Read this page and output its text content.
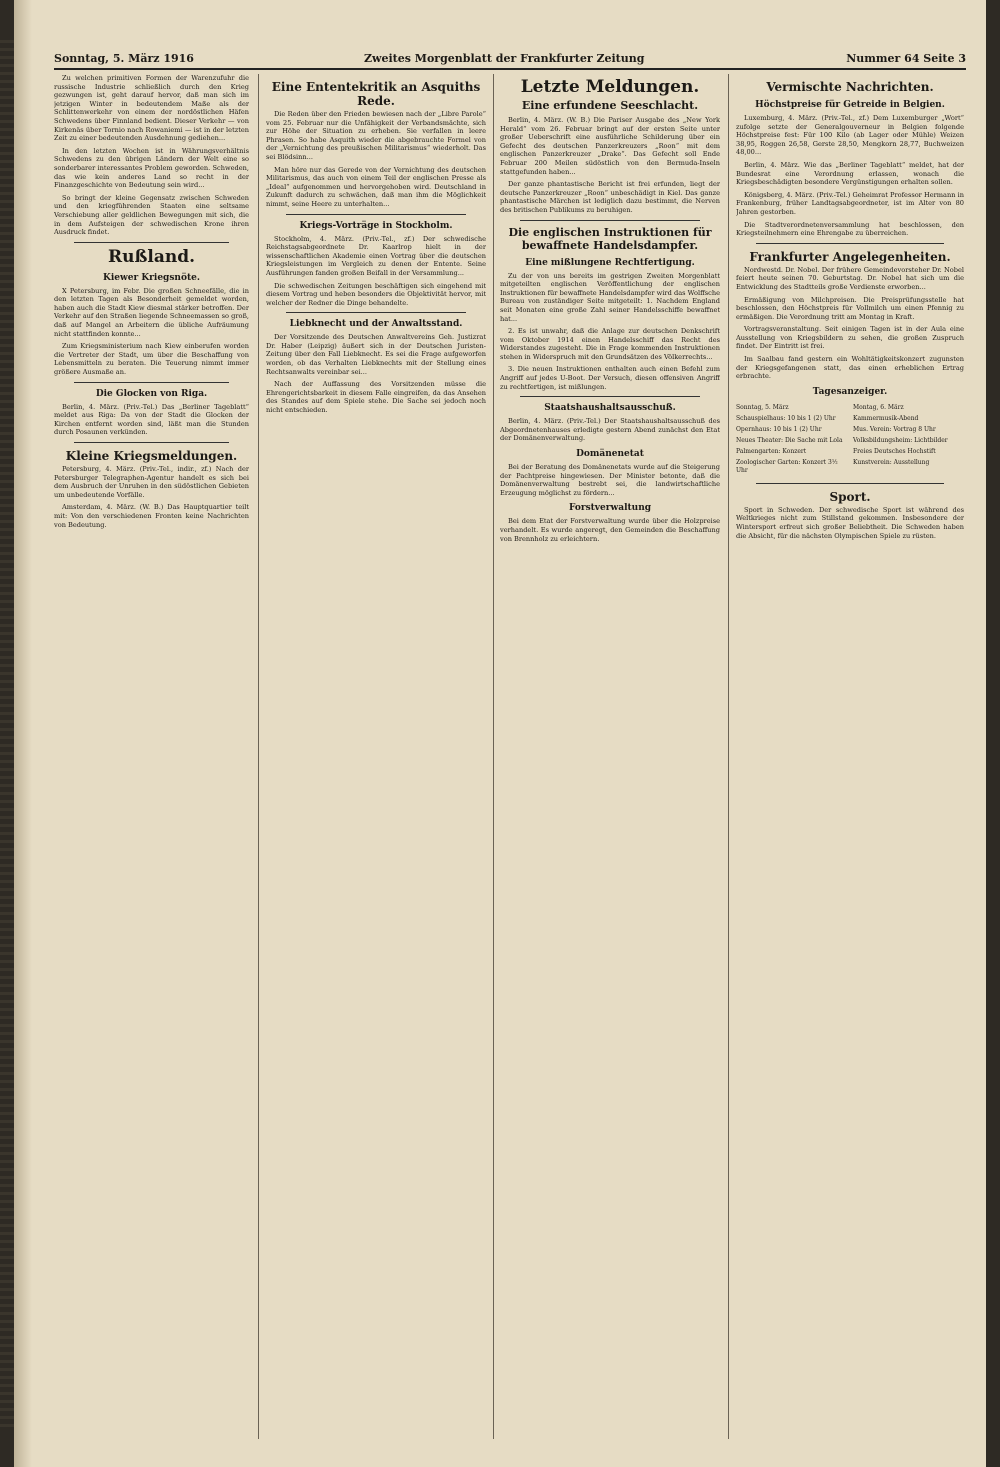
Sonntag, 5. März 1916	Zweites Morgenblatt der Frankfurter Zeitung	Nummer 64 Seite 3

Zu welchen primitiven Formen der Warenzufuhr die russische Industrie schließlich durch den Krieg gezwungen ist, geht darauf hervor, daß man sich im jetzigen Winter in bedeutendem Maße als der Schlittenwerkehr von einem der nordöstlichen Häfen Schwedens über Finnland bedient. Dieser Verkehr — von Kirkenäs über Tornio nach Rowaniemi — ist in der letzten Zeit zu einer bedeutenden Ausdehnung gediehen...

In den letzten Wochen ist in Währungsverhältnis Schwedens zu den übrigen Ländern der Welt eine so sonderbarer interessantes Problem geworden. Schweden, das wie kein anderes Land so recht in der Finanzgeschichte von Bedeutung sein wird...

So bringt der kleine Gegensatz zwischen Schweden und den kriegführenden Staaten eine seltsame Verschiebung aller geldlichen Bewegungen mit sich, die in dem Aufsteigen der schwedischen Krone ihren Ausdruck findet.

Rußland.
Kiewer Kriegsnöte.

X Petersburg, im Febr. Die großen Schneefälle, die in den letzten Tagen als Besonderheit gemeldet worden, haben auch die Stadt Kiew diesmal stärker betroffen. Der Verkehr auf den Straßen liegende Schneemassen so groß, daß auf Mangel an Arbeitern die übliche Aufräumung nicht stattfinden konnte...

Zum Kriegsministerium nach Kiew einberufen worden die Vertreter der Stadt, um über die Beschaffung von Lebensmitteln zu beraten. Die Teuerung nimmt immer größere Ausmaße an.

Die Glocken von Riga.

Berlin, 4. März. (Priv.-Tel.) Das „Berliner Tageblatt“ meldet aus Riga: Da von der Stadt die Glocken der Kirchen entfernt worden sind, läßt man die Stunden durch Posaunen verkünden.

Kleine Kriegsmeldungen.

Petersburg, 4. März. (Priv.-Tel., indir., zf.) Nach der Petersburger Telegraphen-Agentur handelt es sich bei dem Ausbruch der Unruhen in den südöstlichen Gebieten um unbedeutende Vorfälle.

Amsterdam, 4. März. (W. B.) Das Hauptquartier teilt mit: Von den verschiedenen Fronten keine Nachrichten von Bedeutung.

Eine Ententekritik an Asquiths Rede.

Die Reden über den Frieden bewiesen nach der „Libre Parole“ vom 25. Februar nur die Unfähigkeit der Verbandsmächte, sich zur Höhe der Situation zu erheben. Sie verfallen in leere Phrasen. So habe Asquith wieder die abgebrauchte Formel von der „Vernichtung des preußischen Militarismus“ wiederholt. Das sei Blödsinn...

Man höre nur das Gerede von der Vernichtung des deutschen Militarismus, das auch von einem Teil der englischen Presse als „Ideal“ aufgenommen und hervorgehoben wird. Deutschland in Zukunft dadurch zu schwächen, daß man ihm die Möglichkeit nimmt, seine Heere zu unterhalten...

Kriegs-Vorträge in Stockholm.

Stockholm, 4. März. (Priv.-Tel., zf.) Der schwedische Reichstagsabgeordnete Dr. Kaarlrop hielt in der wissenschaftlichen Akademie einen Vortrag über die deutschen Kriegsleistungen im Vergleich zu denen der Entente. Seine Ausführungen fanden großen Beifall in der Versammlung...

Die schwedischen Zeitungen beschäftigen sich eingehend mit diesem Vortrag und heben besonders die Objektivität hervor, mit welcher der Redner die Dinge behandelte.

Liebknecht und der Anwaltsstand.

Der Vorsitzende des Deutschen Anwaltvereins Geh. Justizrat Dr. Haber (Leipzig) äußert sich in der Deutschen Juristen-Zeitung über den Fall Liebknecht. Es sei die Frage aufgeworfen worden, ob das Verhalten Liebknechts mit der Stellung eines Rechtsanwalts vereinbar sei...

Nach der Auffassung des Vorsitzenden müsse die Ehrengerichtsbarkeit in diesem Falle eingreifen, da das Ansehen des Standes auf dem Spiele stehe. Die Sache sei jedoch noch nicht entschieden.

Letzte Meldungen.
Eine erfundene Seeschlacht.

Berlin, 4. März. (W. B.) Die Pariser Ausgabe des „New York Herald“ vom 26. Februar bringt auf der ersten Seite unter großer Ueberschrift eine ausführliche Schilderung über ein Gefecht des deutschen Panzerkreuzers „Roon“ mit dem englischen Panzerkreuzer „Drake“. Das Gefecht soll Ende Februar 200 Meilen südöstlich von den Bermuda-Inseln stattgefunden haben...

Der ganze phantastische Bericht ist frei erfunden, liegt der deutsche Panzerkreuzer „Roon“ unbeschädigt in Kiel. Das ganze phantastische Märchen ist lediglich dazu bestimmt, die Nerven des britischen Publikums zu beruhigen.

Die englischen Instruktionen für bewaffnete Handelsdampfer.
Eine mißlungene Rechtfertigung.

Zu der von uns bereits im gestrigen Zweiten Morgenblatt mitgeteilten englischen Veröffentlichung der englischen Instruktionen für bewaffnete Handelsdampfer wird das Wolffsche Bureau von zuständiger Seite mitgeteilt: 1. Nachdem England seit Monaten eine große Zahl seiner Handelsschiffe bewaffnet hat...

2. Es ist unwahr, daß die Anlage zur deutschen Denkschrift vom Oktober 1914 einen Handelsschiff das Recht des Widerstandes zugesteht. Die in Frage kommenden Instruktionen stehen in Widerspruch mit den Grundsätzen des Völkerrechts...

3. Die neuen Instruktionen enthalten auch einen Befehl zum Angriff auf jedes U-Boot. Der Versuch, diesen offensiven Angriff zu rechtfertigen, ist mißlungen.

Staatshaushaltsausschuß.

Berlin, 4. März. (Priv.-Tel.) Der Staatshaushaltsausschuß des Abgeordnetenhauses erledigte gestern Abend zunächst den Etat der Domänenverwaltung.

Domänenetat

Bei der Beratung des Domänenetats wurde auf die Steigerung der Pachtpreise hingewiesen. Der Minister betonte, daß die Domänenverwaltung bestrebt sei, die landwirtschaftliche Erzeugung möglichst zu fördern...

Forstverwaltung

Bei dem Etat der Forstverwaltung wurde über die Holzpreise verhandelt. Es wurde angeregt, den Gemeinden die Beschaffung von Brennholz zu erleichtern.

Vermischte Nachrichten.
Höchstpreise für Getreide in Belgien.

Luxemburg, 4. März. (Priv.-Tel., zf.) Dem Luxemburger „Wort“ zufolge setzte der Generalgouverneur in Belgien folgende Höchstpreise fest: Für 100 Kilo (ab Lager oder Mühle) Weizen 38,95, Roggen 26,58, Gerste 28,50, Mengkorn 28,77, Buchweizen 48,00...

Berlin, 4. März. Wie das „Berliner Tageblatt“ meldet, hat der Bundesrat eine Verordnung erlassen, wonach die Kriegsbeschädigten besondere Vergünstigungen erhalten sollen.

Königsberg, 4. März. (Priv.-Tel.) Geheimrat Professor Hermann in Frankenburg, früher Landtagsabgeordneter, ist im Alter von 80 Jahren gestorben.

Die Stadtverordnetenversammlung hat beschlossen, den Kriegsteilnehmern eine Ehrengabe zu überreichen.

Frankfurter Angelegenheiten.

Nordwestd. Dr. Nobel. Der frühere Gemeindevorsteher Dr. Nobel feiert heute seinen 70. Geburtstag. Dr. Nobel hat sich um die Entwicklung des Stadtteils große Verdienste erworben...

Ermäßigung von Milchpreisen. Die Preisprüfungsstelle hat beschlossen, den Höchstpreis für Vollmilch um einen Pfennig zu ermäßigen. Die Verordnung tritt am Montag in Kraft.

Vortragsveranstaltung. Seit einigen Tagen ist in der Aula eine Ausstellung von Kriegsbildern zu sehen, die großen Zuspruch findet. Der Eintritt ist frei.

Im Saalbau fand gestern ein Wohltätigkeitskonzert zugunsten der Kriegsgefangenen statt, das einen erheblichen Ertrag erbrachte.

Tagesanzeiger.
Sonntag, 5. März
Schauspielhaus: 10 bis 1 (2) Uhr
Opernhaus: 10 bis 1 (2) Uhr
Neues Theater: Die Sache mit Lola
Palmengarten: Konzert
Zoologischer Garten: Konzert 3½ Uhr
Montag, 6. März
Kammermusik-Abend
Mus. Verein: Vortrag 8 Uhr
Volksbildungsheim: Lichtbilder
Freies Deutsches Hochstift
Kunstverein: Ausstellung
Sport.

Sport in Schweden. Der schwedische Sport ist während des Weltkrieges nicht zum Stillstand gekommen. Insbesondere der Wintersport erfreut sich großer Beliebtheit. Die Schweden haben die Absicht, für die nächsten Olympischen Spiele zu rüsten.
